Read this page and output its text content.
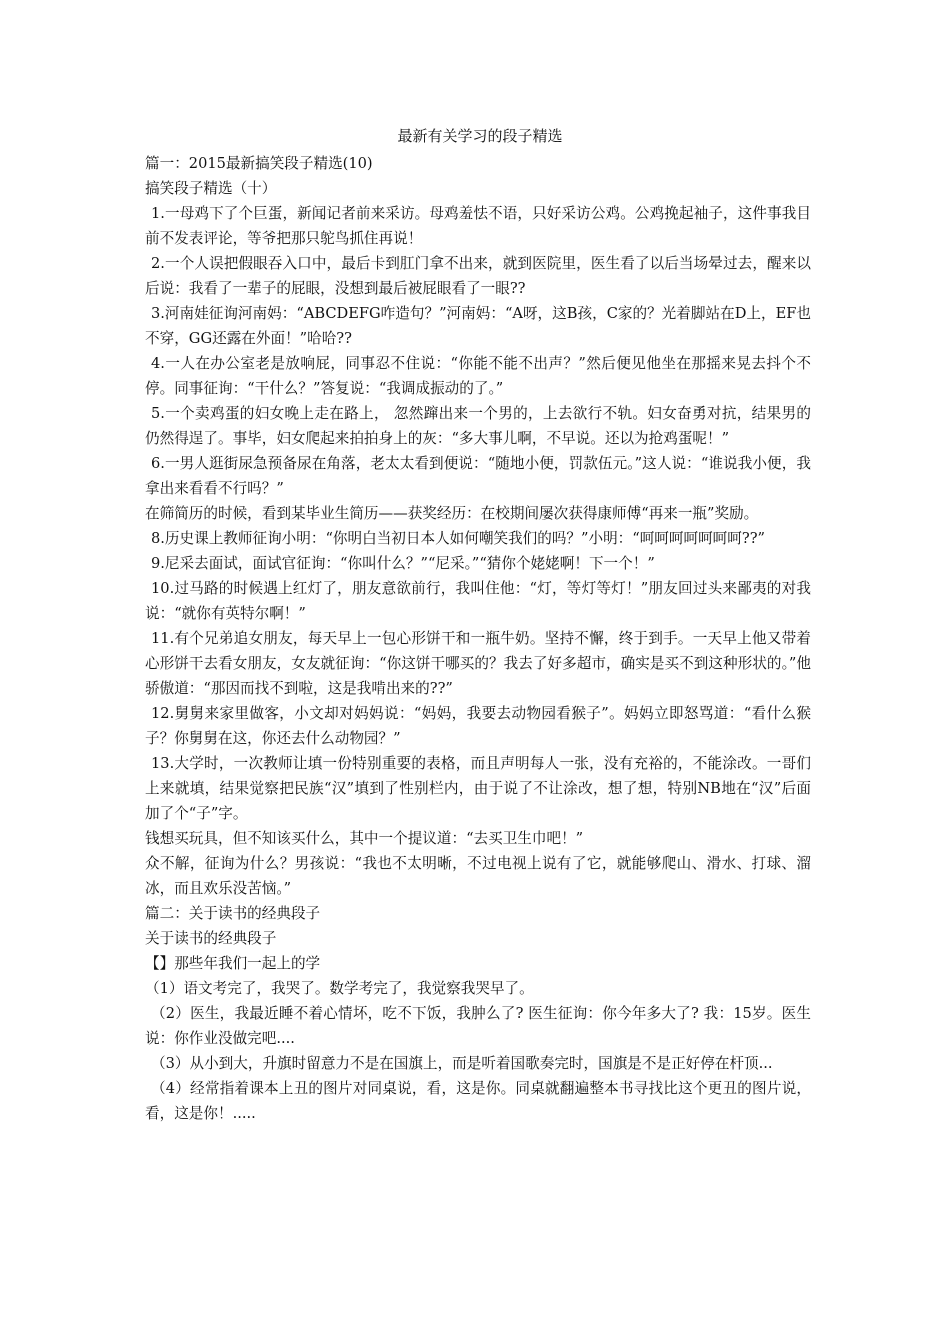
最新有关学习的段子精选

篇一：2015最新搞笑段子精选(10)

搞笑段子精选（十）

1.一母鸡下了个巨蛋，新闻记者前来采访。母鸡羞怯不语，只好采访公鸡。公鸡挽起袖子，这件事我目前不发表评论，等爷把那只鸵鸟抓住再说！

2.一个人误把假眼吞入口中，最后卡到肛门拿不出来，就到医院里，医生看了以后当场晕过去，醒来以后说：我看了一辈子的屁眼，没想到最后被屁眼看了一眼??

3.河南娃征询河南妈：“ABCDEFG咋造句？”河南妈：“A呀，这B孩，C家的？光着脚站在D上，EF也不穿，GG还露在外面！”哈哈??

4.一人在办公室老是放响屁，同事忍不住说：“你能不能不出声？”然后便见他坐在那摇来晃去抖个不停。同事征询：“干什么？”答复说：“我调成振动的了。”

5.一个卖鸡蛋的妇女晚上走在路上， 忽然蹿出来一个男的，上去欲行不轨。妇女奋勇对抗，结果男的仍然得逞了。事毕，妇女爬起来拍拍身上的灰：“多大事儿啊，不早说。还以为抢鸡蛋呢！”

6.一男人逛街尿急预备尿在角落，老太太看到便说：“随地小便，罚款伍元。”这人说：“谁说我小便，我拿出来看看不行吗？”

在筛简历的时候，看到某毕业生简历——获奖经历：在校期间屡次获得康师傅“再来一瓶”奖励。

8.历史课上教师征询小明：“你明白当初日本人如何嘲笑我们的吗？”小明：“呵呵呵呵呵呵呵??”

9.尼采去面试，面试官征询：“你叫什么？”“尼采。”“猜你个姥姥啊！下一个！”

10.过马路的时候遇上红灯了，朋友意欲前行，我叫住他：“灯，等灯等灯！”朋友回过头来鄙夷的对我说：“就你有英特尔啊！”

11.有个兄弟追女朋友，每天早上一包心形饼干和一瓶牛奶。坚持不懈，终于到手。一天早上他又带着心形饼干去看女朋友，女友就征询：“你这饼干哪买的？我去了好多超市，确实是买不到这种形状的。”他骄傲道：“那因而找不到啦，这是我啃出来的??”

12.舅舅来家里做客，小文却对妈妈说：“妈妈，我要去动物园看猴子”。妈妈立即怒骂道：“看什么猴子？你舅舅在这，你还去什么动物园？”

13.大学时，一次教师让填一份特别重要的表格，而且声明每人一张，没有充裕的，不能涂改。一哥们上来就填，结果觉察把民族“汉”填到了性别栏内，由于说了不让涂改，想了想，特别NB地在“汉”后面加了个“子”字。

钱想买玩具，但不知该买什么，其中一个提议道：“去买卫生巾吧！”

众不解，征询为什么？男孩说：“我也不太明晰，不过电视上说有了它，就能够爬山、滑水、打球、溜冰，而且欢乐没苦恼。”

篇二：关于读书的经典段子

关于读书的经典段子

【】那些年我们一起上的学

（1）语文考完了，我哭了。数学考完了，我觉察我哭早了。

（2）医生，我最近睡不着心情坏，吃不下饭，我肿么了? 医生征询：你今年多大了? 我：15岁。医生说：你作业没做完吧....

（3）从小到大，升旗时留意力不是在国旗上，而是听着国歌奏完时，国旗是不是正好停在杆顶...

（4）经常指着课本上丑的图片对同桌说，看，这是你。同桌就翻遍整本书寻找比这个更丑的图片说，看，这是你！.....
